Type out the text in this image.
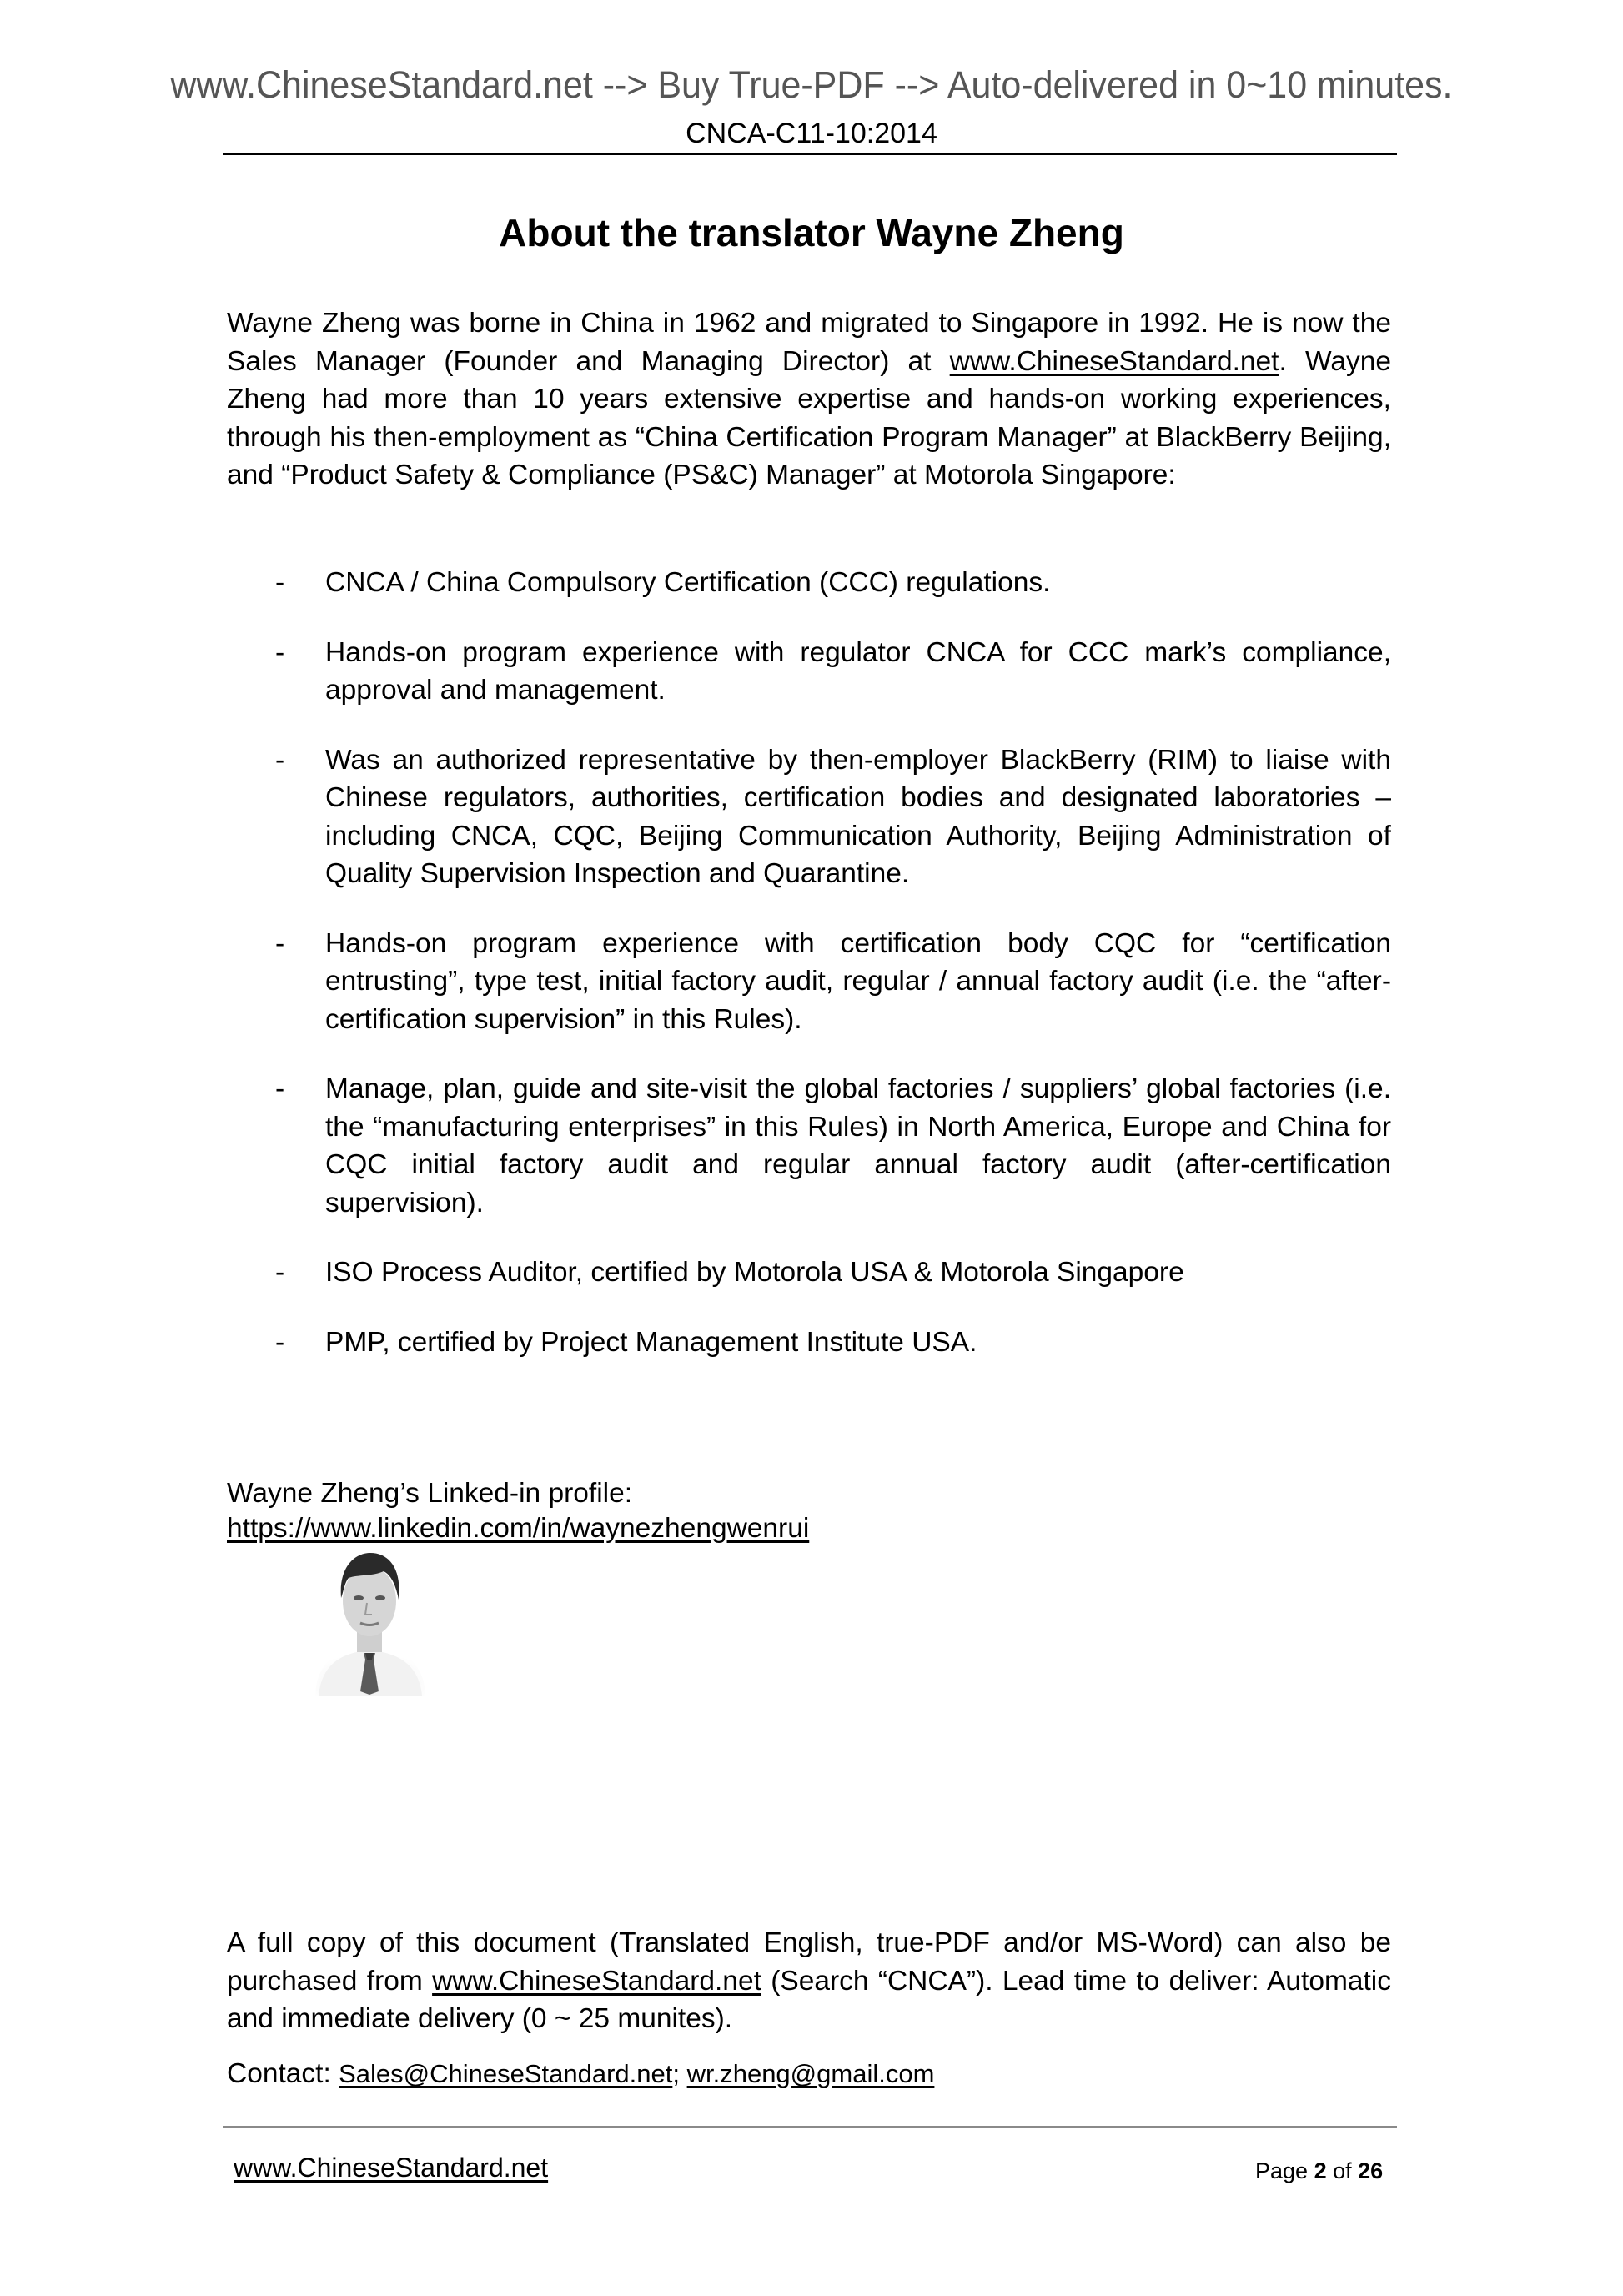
www.ChineseStandard.net --> Buy True-PDF --> Auto-delivered in 0~10 minutes.
CNCA-C11-10:2014
About the translator Wayne Zheng

Wayne Zheng was borne in China in 1962 and migrated to Singapore in 1992. He is now the Sales Manager (Founder and Managing Director) at www.ChineseStandard.net. Wayne Zheng had more than 10 years extensive expertise and hands-on working experiences, through his then-employment as “China Certification Program Manager” at BlackBerry Beijing, and “Product Safety & Compliance (PS&C) Manager” at Motorola Singapore:

- CNCA / China Compulsory Certification (CCC) regulations.
- Hands-on program experience with regulator CNCA for CCC mark’s compliance, approval and management.
- Was an authorized representative by then-employer BlackBerry (RIM) to liaise with Chinese regulators, authorities, certification bodies and designated laboratories – including CNCA, CQC, Beijing Communication Authority, Beijing Administration of Quality Supervision Inspection and Quarantine.
- Hands-on program experience with certification body CQC for “certification entrusting”, type test, initial factory audit, regular / annual factory audit (i.e. the “after-certification supervision” in this Rules).
- Manage, plan, guide and site-visit the global factories / suppliers’ global factories (i.e. the “manufacturing enterprises” in this Rules) in North America, Europe and China for CQC initial factory audit and regular annual factory audit (after-certification supervision).
- ISO Process Auditor, certified by Motorola USA & Motorola Singapore
- PMP, certified by Project Management Institute USA.
Wayne Zheng’s Linked-in profile:
https://www.linkedin.com/in/waynezhengwenrui

A full copy of this document (Translated English, true-PDF and/or MS-Word) can also be purchased from www.ChineseStandard.net (Search “CNCA”). Lead time to deliver: Automatic and immediate delivery (0 ~ 25 munites).

Contact: Sales@ChineseStandard.net; wr.zheng@gmail.com
www.ChineseStandard.net	Page 2 of 26
